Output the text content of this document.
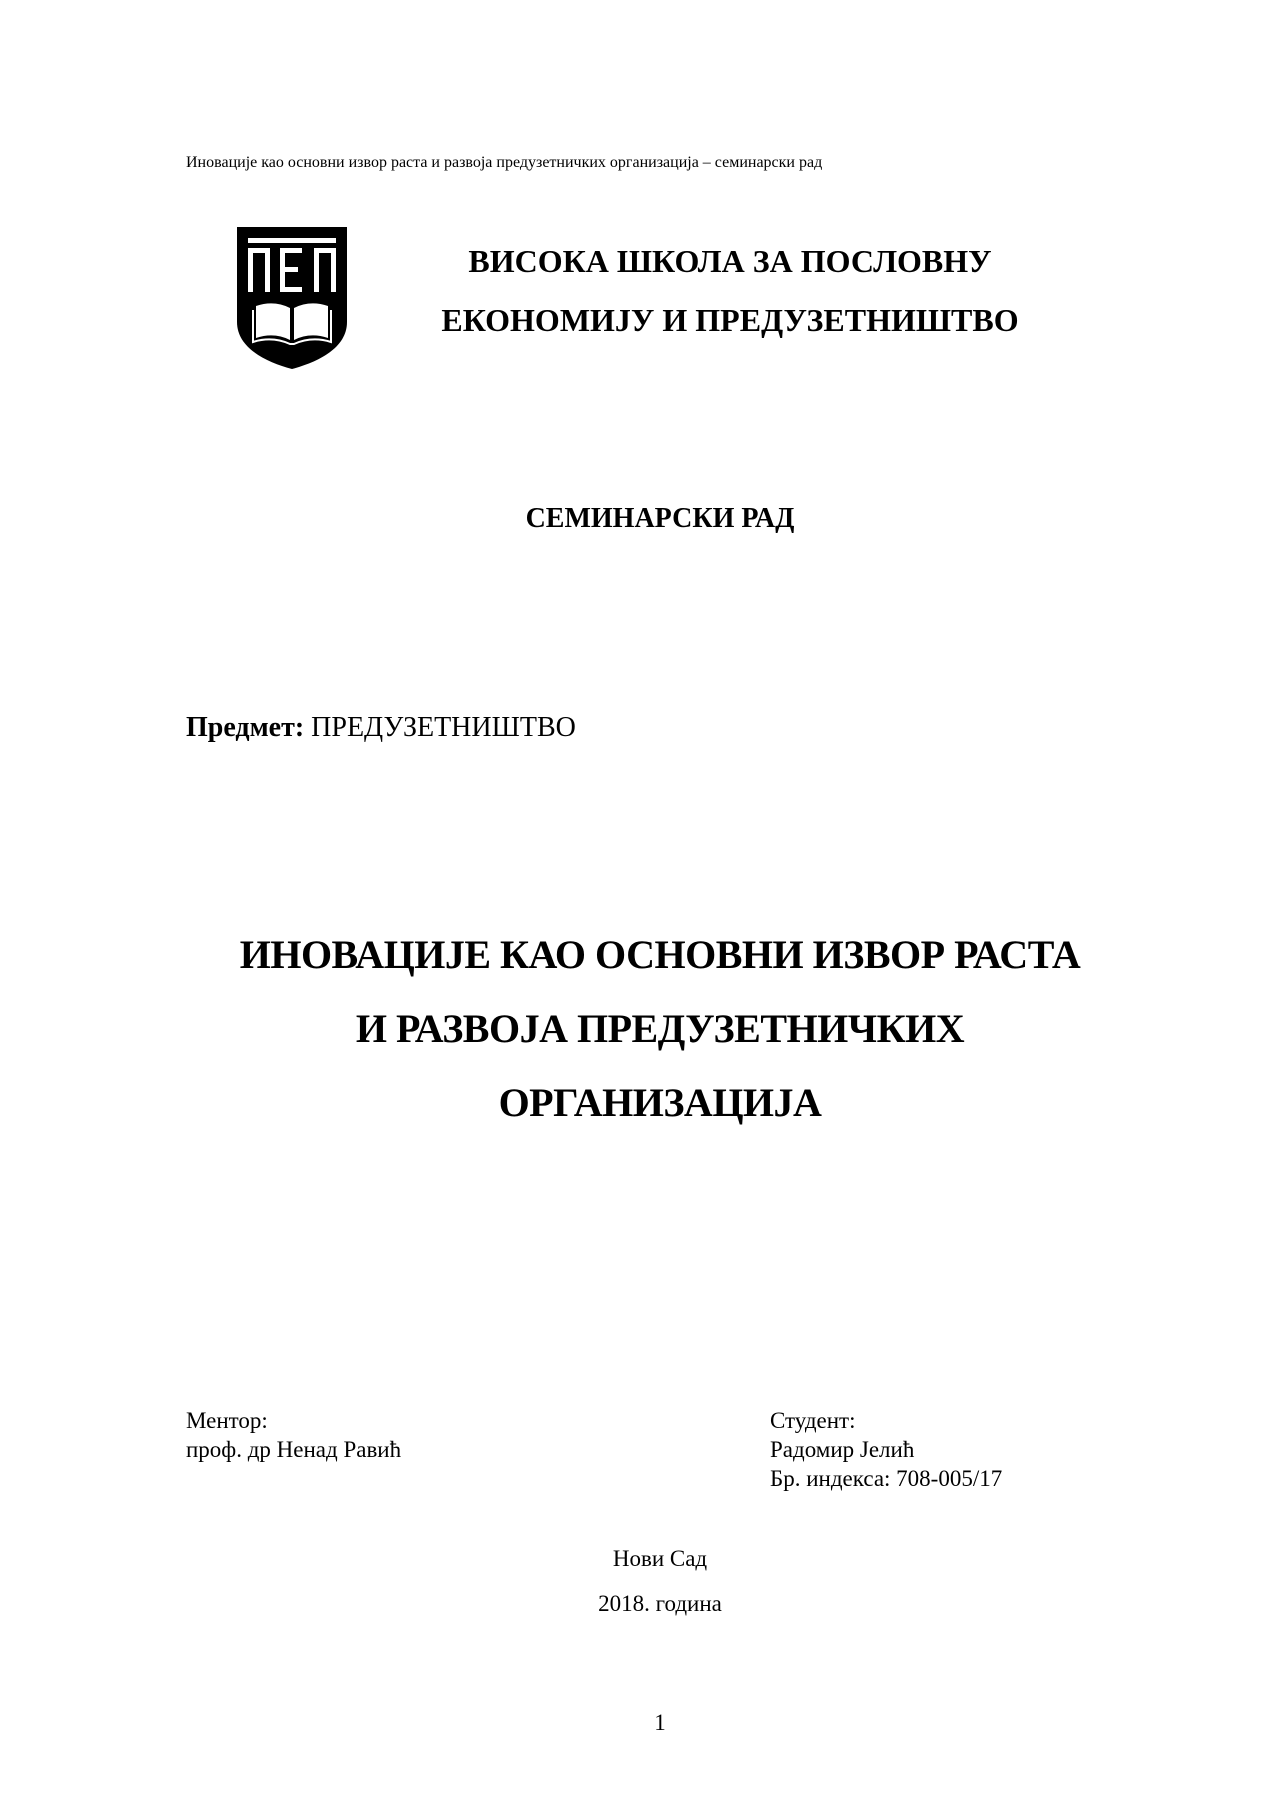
Иновације као основни извор раста и развоја предузетничких организација – семинарски рад
ВИСОКА ШКОЛА ЗА ПОСЛОВНУ
ЕКОНОМИЈУ И ПРЕДУЗЕТНИШТВО
СЕМИНАРСКИ РАД
Предмет: ПРЕДУЗЕТНИШТВО
ИНОВАЦИЈЕ КАО ОСНОВНИ ИЗВОР РАСТА
И РАЗВОЈА ПРЕДУЗЕТНИЧКИХ
ОРГАНИЗАЦИЈА
Ментор:
проф. др Ненад Равић
Студент:
Радомир Јелић
Бр. индекса: 708-005/17
Нови Сад
2018. година
1
